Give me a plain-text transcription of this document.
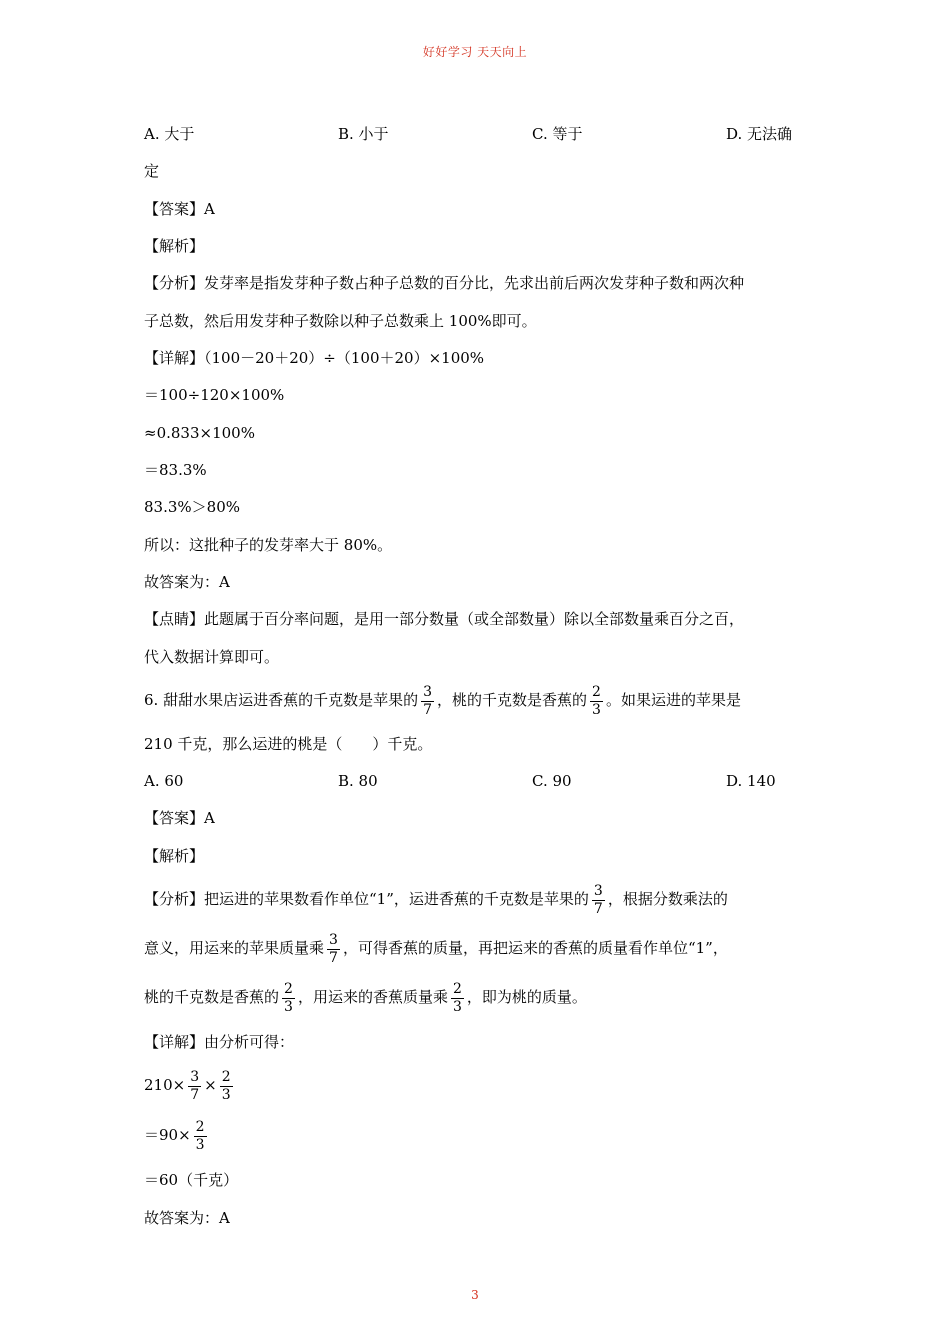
好好学习 天天向上
A. 大于	B. 小于	C. 等于	D. 无法确
定
【答案】A
【解析】
【分析】发芽率是指发芽种子数占种子总数的百分比，先求出前后两次发芽种子数和两次种
子总数，然后用发芽种子数除以种子总数乘上 100%即可。
【详解】（100－20＋20）÷（100＋20）×100%
＝100÷120×100%
≈0.833×100%
＝83.3%
83.3%＞80%
所以：这批种子的发芽率大于 80%。
故答案为：A
【点睛】此题属于百分率问题，是用一部分数量（或全部数量）除以全部数量乘百分之百，
代入数据计算即可。
6. 甜甜水果店运进香蕉的千克数是苹果的 $\frac{3}{7}$ ，桃的千克数是香蕉的 $\frac{2}{3}$ 。如果运进的苹果是
210 千克，那么运进的桃是（　　）千克。
A. 60	B. 80	C. 90	D. 140
【答案】A
【解析】
【分析】把运进的苹果数看作单位“1”，运进香蕉的千克数是苹果的 $\frac{3}{7}$ ，根据分数乘法的
意义，用运来的苹果质量乘 $\frac{3}{7}$ ，可得香蕉的质量，再把运来的香蕉的质量看作单位“1”，
桃的千克数是香蕉的 $\frac{2}{3}$ ，用运来的香蕉质量乘 $\frac{2}{3}$ ，即为桃的质量。
【详解】由分析可得：
$210\times \frac{3}{7} \times \frac{2}{3}$
$=90\times \frac{2}{3}$
＝60（千克）
故答案为：A
3
